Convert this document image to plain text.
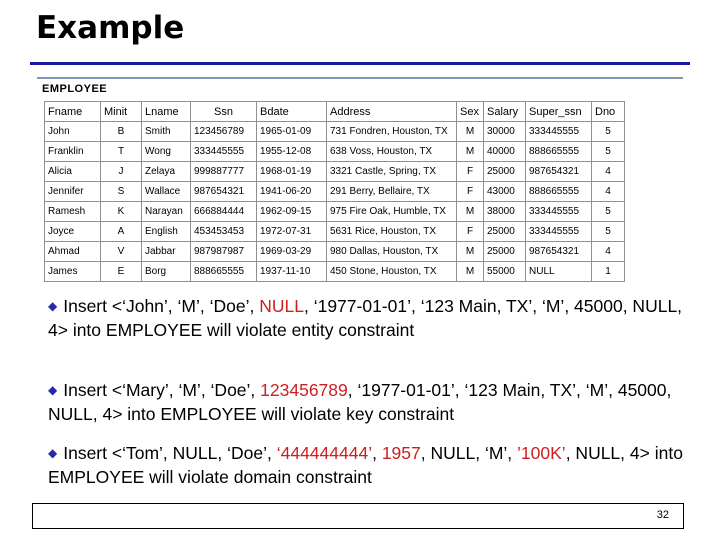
Example
EMPLOYEE
Fname	Minit	Lname	Ssn	Bdate	Address	Sex	Salary	Super_ssn	Dno
John	B	Smith	123456789	1965-01-09	731 Fondren, Houston, TX	M	30000	333445555	5
Franklin	T	Wong	333445555	1955-12-08	638 Voss, Houston, TX	M	40000	888665555	5
Alicia	J	Zelaya	999887777	1968-01-19	3321 Castle, Spring, TX	F	25000	987654321	4
Jennifer	S	Wallace	987654321	1941-06-20	291 Berry, Bellaire, TX	F	43000	888665555	4
Ramesh	K	Narayan	666884444	1962-09-15	975 Fire Oak, Humble, TX	M	38000	333445555	5
Joyce	A	English	453453453	1972-07-31	5631 Rice, Houston, TX	F	25000	333445555	5
Ahmad	V	Jabbar	987987987	1969-03-29	980 Dallas, Houston, TX	M	25000	987654321	4
James	E	Borg	888665555	1937-11-10	450 Stone, Houston, TX	M	55000	NULL	1
◆ Insert <‘John’, ‘M’, ‘Doe’, NULL, ‘1977-01-01’, ‘123 Main, TX’, ‘M’, 45000, NULL, 4> into EMPLOYEE will violate entity constraint
◆ Insert <‘Mary’, ‘M’, ‘Doe’, 123456789, ‘1977-01-01’, ‘123 Main, TX’, ‘M’, 45000, NULL, 4> into EMPLOYEE will violate key constraint
◆ Insert <‘Tom’, NULL, ‘Doe’, ‘444444444’, 1957, NULL, ‘M’, ’100K’, NULL, 4> into EMPLOYEE will violate domain constraint
32
